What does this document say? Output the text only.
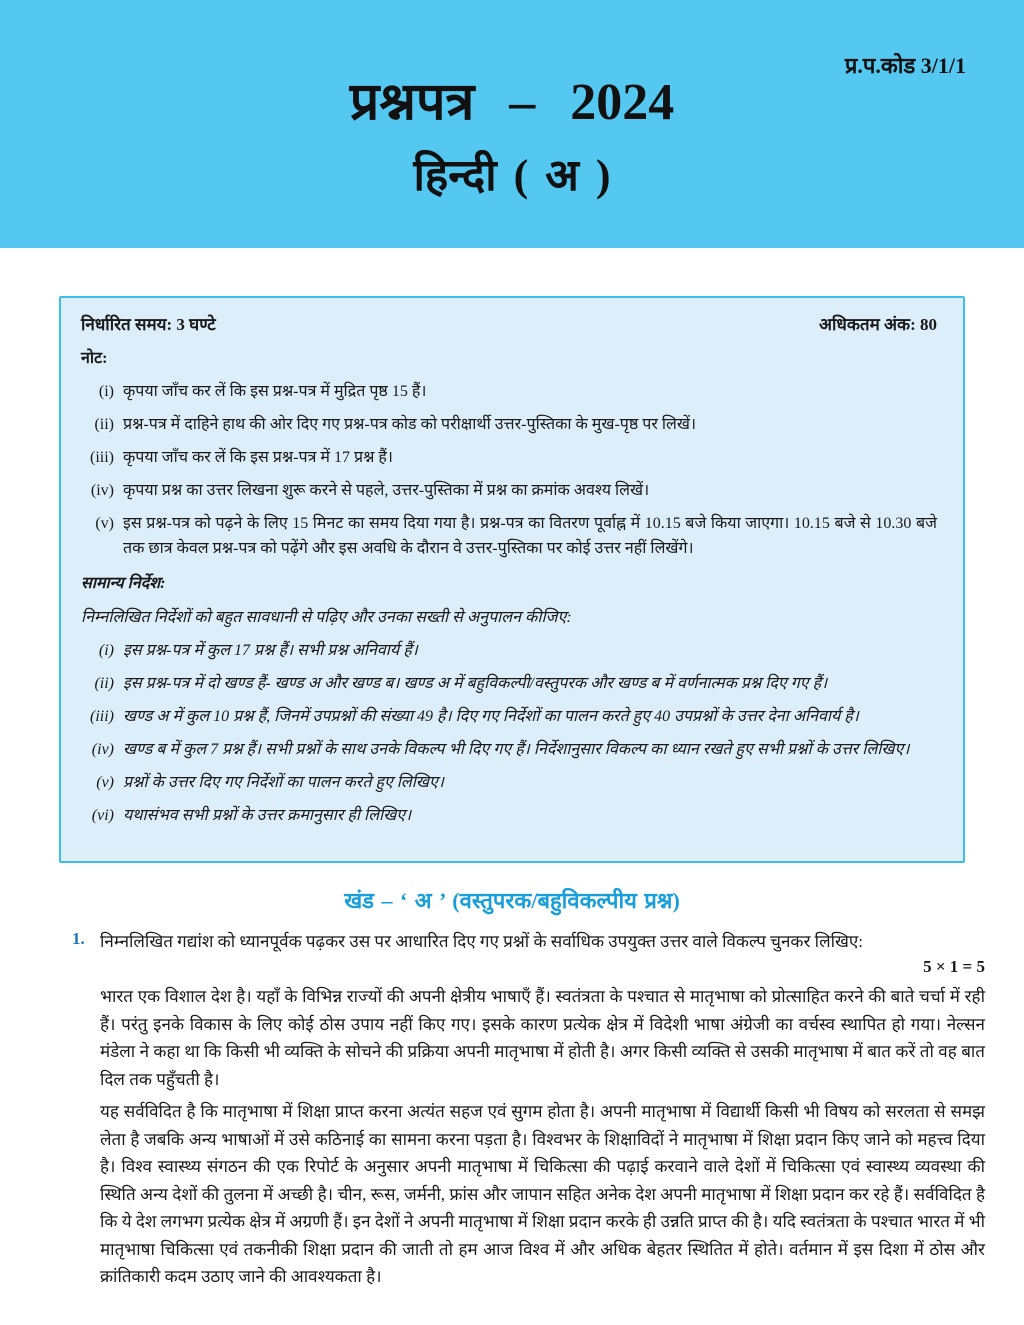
प्र.प.कोड 3/1/1
प्रश्नपत्र – 2024
हिन्दी ( अ )
निर्धारित समय: 3 घण्टे	अधिकतम अंक: 80
नोट:
(i) कृपया जाँच कर लें कि इस प्रश्न-पत्र में मुद्रित पृष्ठ 15 हैं।
(ii) प्रश्न-पत्र में दाहिने हाथ की ओर दिए गए प्रश्न-पत्र कोड को परीक्षार्थी उत्तर-पुस्तिका के मुख-पृष्ठ पर लिखें।
(iii) कृपया जाँच कर लें कि इस प्रश्न-पत्र में 17 प्रश्न हैं।
(iv) कृपया प्रश्न का उत्तर लिखना शुरू करने से पहले, उत्तर-पुस्तिका में प्रश्न का क्रमांक अवश्य लिखें।
(v) इस प्रश्न-पत्र को पढ़ने के लिए 15 मिनट का समय दिया गया है। प्रश्न-पत्र का वितरण पूर्वाह्न में 10.15 बजे किया जाएगा। 10.15 बजे से 10.30 बजे तक छात्र केवल प्रश्न-पत्र को पढ़ेंगे और इस अवधि के दौरान वे उत्तर-पुस्तिका पर कोई उत्तर नहीं लिखेंगे।
सामान्य निर्देश:
निम्नलिखित निर्देशों को बहुत सावधानी से पढ़िए और उनका सख्ती से अनुपालन कीजिए:
(i) इस प्रश्न-पत्र में कुल 17 प्रश्न हैं। सभी प्रश्न अनिवार्य हैं।
(ii) इस प्रश्न-पत्र में दो खण्ड हैं- खण्ड अ और खण्ड ब। खण्ड अ में बहुविकल्पी/वस्तुपरक और खण्ड ब में वर्णनात्मक प्रश्न दिए गए हैं।
(iii) खण्ड अ में कुल 10 प्रश्न हैं, जिनमें उपप्रश्नों की संख्या 49 है। दिए गए निर्देशों का पालन करते हुए 40 उपप्रश्नों के उत्तर देना अनिवार्य है।
(iv) खण्ड ब में कुल 7 प्रश्न हैं। सभी प्रश्नों के साथ उनके विकल्प भी दिए गए हैं। निर्देशानुसार विकल्प का ध्यान रखते हुए सभी प्रश्नों के उत्तर लिखिए।
(v) प्रश्नों के उत्तर दिए गए निर्देशों का पालन करते हुए लिखिए।
(vi) यथासंभव सभी प्रश्नों के उत्तर क्रमानुसार ही लिखिए।
खंड – ‘ अ ’ (वस्तुपरक/बहुविकल्पीय प्रश्न)
1. निम्नलिखित गद्यांश को ध्यानपूर्वक पढ़कर उस पर आधारित दिए गए प्रश्नों के सर्वाधिक उपयुक्त उत्तर वाले विकल्प चुनकर लिखिए:
5 × 1 = 5

भारत एक विशाल देश है। यहाँ के विभिन्न राज्यों की अपनी क्षेत्रीय भाषाएँ हैं। स्वतंत्रता के पश्चात से मातृभाषा को प्रोत्साहित करने की बाते चर्चा में रही हैं। परंतु इनके विकास के लिए कोई ठोस उपाय नहीं किए गए। इसके कारण प्रत्येक क्षेत्र में विदेशी भाषा अंग्रेजी का वर्चस्व स्थापित हो गया। नेल्सन मंडेला ने कहा था कि किसी भी व्यक्ति के सोचने की प्रक्रिया अपनी मातृभाषा में होती है। अगर किसी व्यक्ति से उसकी मातृभाषा में बात करें तो वह बात दिल तक पहुँचती है।

यह सर्वविदित है कि मातृभाषा में शिक्षा प्राप्त करना अत्यंत सहज एवं सुगम होता है। अपनी मातृभाषा में विद्यार्थी किसी भी विषय को सरलता से समझ लेता है जबकि अन्य भाषाओं में उसे कठिनाई का सामना करना पड़ता है। विश्वभर के शिक्षाविदों ने मातृभाषा में शिक्षा प्रदान किए जाने को महत्त्व दिया है। विश्व स्वास्थ्य संगठन की एक रिपोर्ट के अनुसार अपनी मातृभाषा में चिकित्सा की पढ़ाई करवाने वाले देशों में चिकित्सा एवं स्वास्थ्य व्यवस्था की स्थिति अन्य देशों की तुलना में अच्छी है। चीन, रूस, जर्मनी, फ्रांस और जापान सहित अनेक देश अपनी मातृभाषा में शिक्षा प्रदान कर रहे हैं। सर्वविदित है कि ये देश लगभग प्रत्येक क्षेत्र में अग्रणी हैं। इन देशों ने अपनी मातृभाषा में शिक्षा प्रदान करके ही उन्नति प्राप्त की है। यदि स्वतंत्रता के पश्चात भारत में भी मातृभाषा चिकित्सा एवं तकनीकी शिक्षा प्रदान की जाती तो हम आज विश्व में और अधिक बेहतर स्थितित में होते। वर्तमान में इस दिशा में ठोस और क्रांतिकारी कदम उठाए जाने की आवश्यकता है।
